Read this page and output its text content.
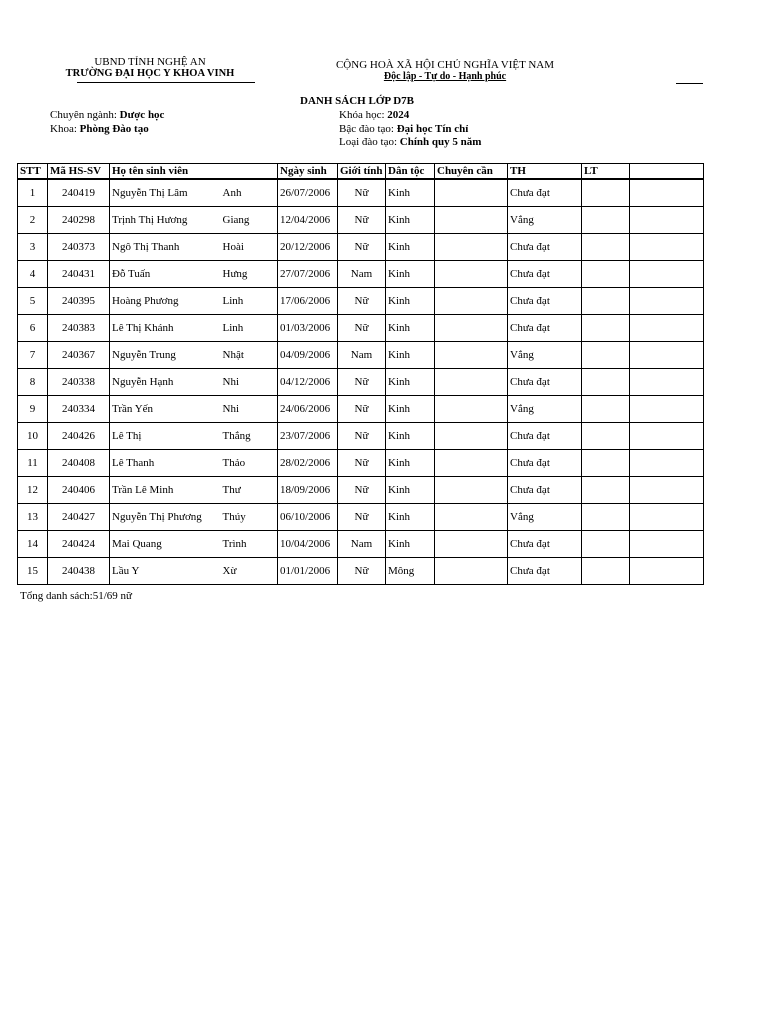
UBND TỈNH NGHỆ AN
TRƯỜNG ĐẠI HỌC Y KHOA VINH
CỘNG HOÀ XÃ HỘI CHỦ NGHĨA VIỆT NAM
Độc lập - Tự do - Hạnh phúc
DANH SÁCH LỚP D7B
Chuyên ngành: Dược học
Khoa: Phòng Đào tạo
Khóa học: 2024
Bậc đào tạo: Đại học Tín chỉ
Loại đào tạo: Chính quy 5 năm
STT	Mã HS-SV	Họ tên sinh viên		Ngày sinh	Giới tính	Dân tộc	Chuyên cần	TH	LT	
1	240419	Nguyễn Thị Lâm	Anh	26/07/2006	Nữ	Kinh		Chưa đạt		
2	240298	Trịnh Thị Hương	Giang	12/04/2006	Nữ	Kinh		Vắng		
3	240373	Ngô Thị Thanh	Hoài	20/12/2006	Nữ	Kinh		Chưa đạt		
4	240431	Đỗ Tuấn	Hưng	27/07/2006	Nam	Kinh		Chưa đạt		
5	240395	Hoàng Phương	Linh	17/06/2006	Nữ	Kinh		Chưa đạt		
6	240383	Lê Thị Khánh	Linh	01/03/2006	Nữ	Kinh		Chưa đạt		
7	240367	Nguyễn Trung	Nhật	04/09/2006	Nam	Kinh		Vắng		
8	240338	Nguyễn Hạnh	Nhi	04/12/2006	Nữ	Kinh		Chưa đạt		
9	240334	Trần Yến	Nhi	24/06/2006	Nữ	Kinh		Vắng		
10	240426	Lê Thị	Thắng	23/07/2006	Nữ	Kinh		Chưa đạt		
11	240408	Lê Thanh	Thảo	28/02/2006	Nữ	Kinh		Chưa đạt		
12	240406	Trần Lê Minh	Thư	18/09/2006	Nữ	Kinh		Chưa đạt		
13	240427	Nguyễn Thị Phương	Thúy	06/10/2006	Nữ	Kinh		Vắng		
14	240424	Mai Quang	Trình	10/04/2006	Nam	Kinh		Chưa đạt		
15	240438	Lầu Y	Xừ	01/01/2006	Nữ	Mông		Chưa đạt		
Tổng danh sách:51/69 nữ
